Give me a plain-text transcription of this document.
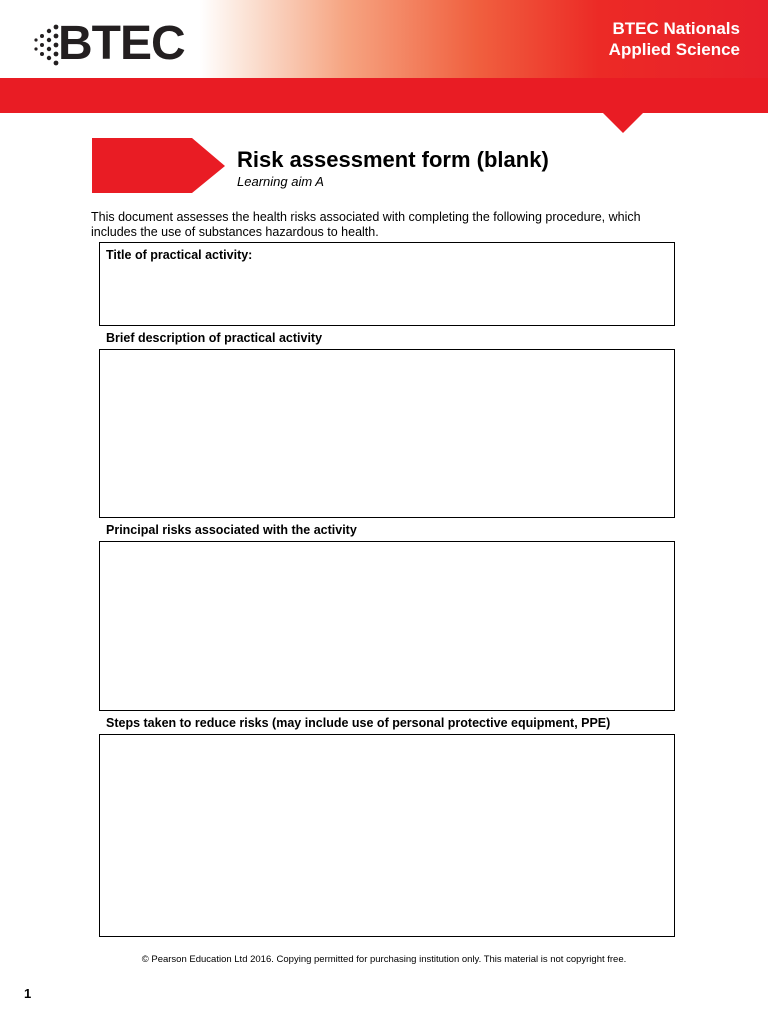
BTEC	BTEC Nationals
Applied Science
Risk assessment form (blank)
Learning aim A
This document assesses the health risks associated with completing the following procedure, which
includes the use of substances hazardous to health.
Title of practical activity:
Brief description of practical activity
Principal risks associated with the activity
Steps taken to reduce risks (may include use of personal protective equipment, PPE)
© Pearson Education Ltd 2016. Copying permitted for purchasing institution only. This material is not copyright free.
1
